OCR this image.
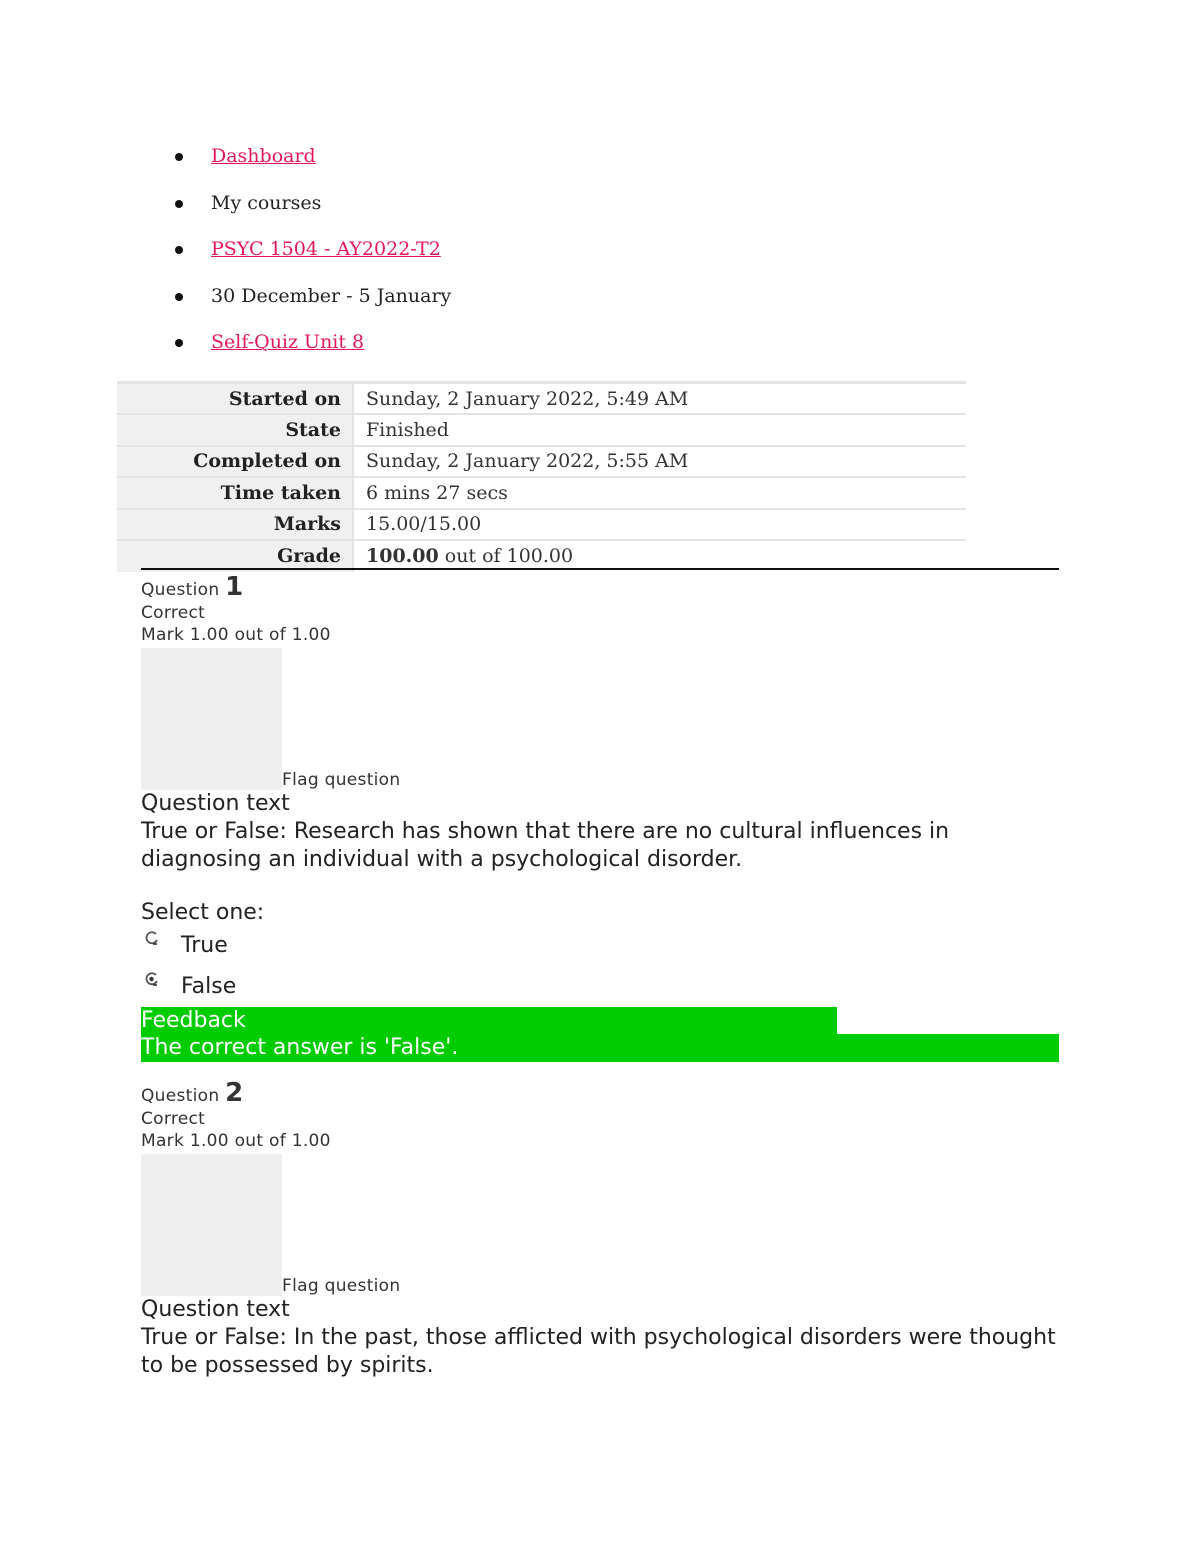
Dashboard
My courses
PSYC 1504 - AY2022-T2
30 December - 5 January
Self-Quiz Unit 8
Started on	Sunday, 2 January 2022, 5:49 AM
State	Finished
Completed on	Sunday, 2 January 2022, 5:55 AM
Time taken	6 mins 27 secs
Marks	15.00/15.00
Grade	100.00 out of 100.00
Question 1
Correct
Mark 1.00 out of 1.00
Flag question
Question text
True or False: Research has shown that there are no cultural influences in diagnosing an individual with a psychological disorder.
Select one:
True
False
Feedback
The correct answer is 'False'.
Question 2
Correct
Mark 1.00 out of 1.00
Flag question
Question text
True or False: In the past, those afflicted with psychological disorders were thought to be possessed by spirits.
